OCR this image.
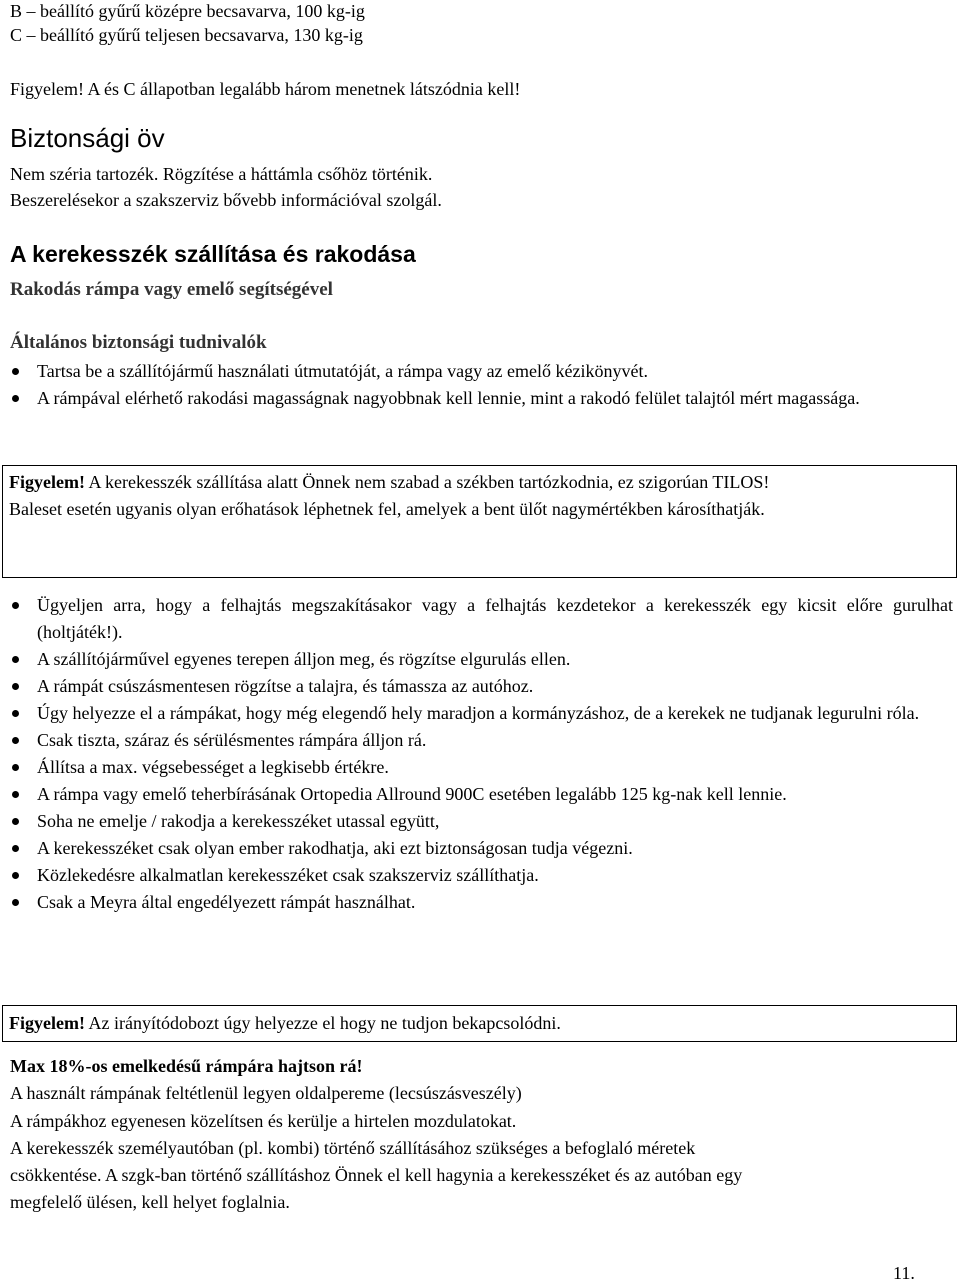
B – beállító gyűrű középre becsavarva, 100 kg-ig
C – beállító gyűrű teljesen becsavarva, 130 kg-ig
Figyelem! A és C állapotban legalább három menetnek látszódnia kell!
Biztonsági öv
Nem széria tartozék. Rögzítése a háttámla csőhöz történik.
Beszerelésekor a szakszerviz bővebb információval szolgál.
A kerekesszék szállítása és rakodása
Rakodás rámpa vagy emelő segítségével
Általános biztonsági tudnivalók
Tartsa be a szállítójármű használati útmutatóját, a rámpa vagy az emelő kézikönyvét.
A rámpával elérhető rakodási magasságnak nagyobbnak kell lennie, mint a rakodó felület talajtól mért magassága.

Figyelem! A kerekesszék szállítása alatt Önnek nem szabad a székben tartózkodnia, ez szigorúan TILOS!

Baleset esetén ugyanis olyan erőhatások léphetnek fel, amelyek a bent ülőt nagymértékben károsíthatják.

Ügyeljen arra, hogy a felhajtás megszakításakor vagy a felhajtás kezdetekor a kerekesszék egy kicsit előre gurulhat (holtjáték!).
A szállítójárművel egyenes terepen álljon meg, és rögzítse elgurulás ellen.
A rámpát csúszásmentesen rögzítse a talajra, és támassza az autóhoz.
Úgy helyezze el a rámpákat, hogy még elegendő hely maradjon a kormányzáshoz, de a kerekek ne tudjanak legurulni róla.
Csak tiszta, száraz és sérülésmentes rámpára álljon rá.
Állítsa a max. végsebességet a legkisebb értékre.
A rámpa vagy emelő teherbírásának Ortopedia Allround 900C esetében legalább 125 kg-nak kell lennie.
Soha ne emelje / rakodja a kerekesszéket utassal együtt,
A kerekesszéket csak olyan ember rakodhatja, aki ezt biztonságosan tudja végezni.
Közlekedésre alkalmatlan kerekesszéket csak szakszerviz szállíthatja.
Csak a Meyra által engedélyezett rámpát használhat.

Figyelem! Az irányítódobozt úgy helyezze el hogy ne tudjon bekapcsolódni.

Max 18%-os emelkedésű rámpára hajtson rá!
A használt rámpának feltétlenül legyen oldalpereme (lecsúszásveszély)
A rámpákhoz egyenesen közelítsen és kerülje a hirtelen mozdulatokat.
A kerekesszék személyautóban (pl. kombi) történő szállításához szükséges a befoglaló méretek
csökkentése. A szgk-ban történő szállításhoz Önnek el kell hagynia a kerekesszéket és az autóban egy
megfelelő ülésen, kell helyet foglalnia.
11.
